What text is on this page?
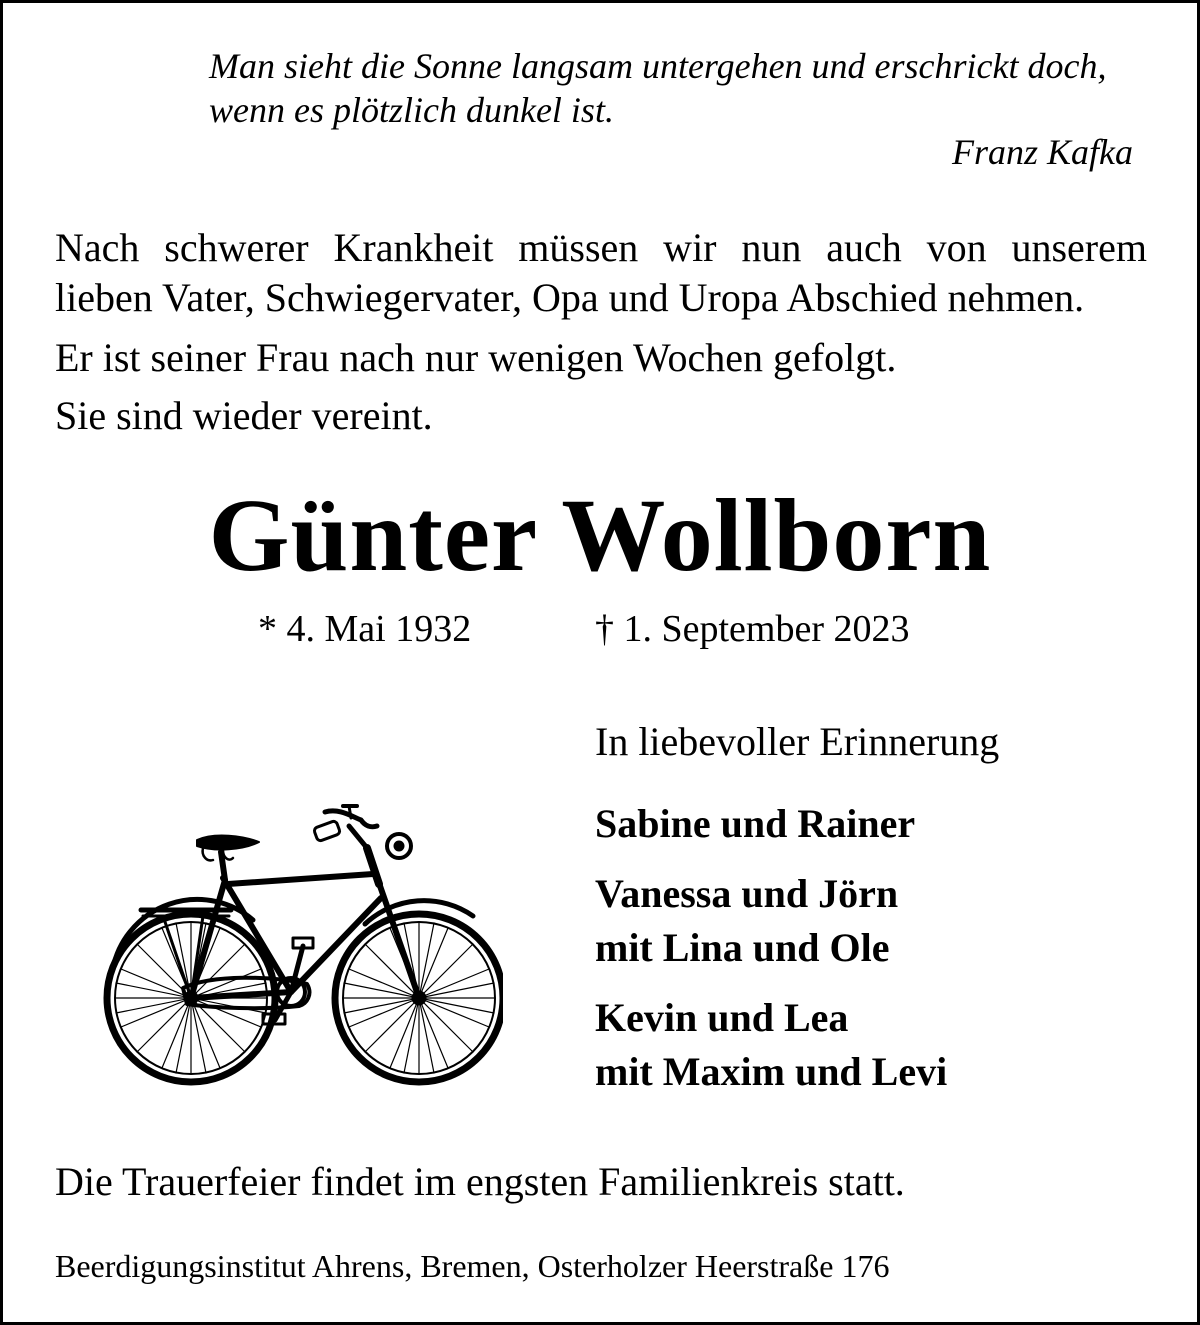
Man sieht die Sonne langsam untergehen und erschrickt doch,
wenn es plötzlich dunkel ist.
Franz Kafka
Nach schwerer Krankheit müssen wir nun auch von unserem
lieben Vater, Schwiegervater, Opa und Uropa Abschied nehmen.
Er ist seiner Frau nach nur wenigen Wochen gefolgt.
Sie sind wieder vereint.
Günter Wollborn
* 4. Mai 1932	† 1. September 2023
In liebevoller Erinnerung
Sabine und Rainer
Vanessa und Jörn
mit Lina und Ole
Kevin und Lea
mit Maxim und Levi
Die Trauerfeier findet im engsten Familienkreis statt.
Beerdigungsinstitut Ahrens, Bremen, Osterholzer Heerstraße 176
